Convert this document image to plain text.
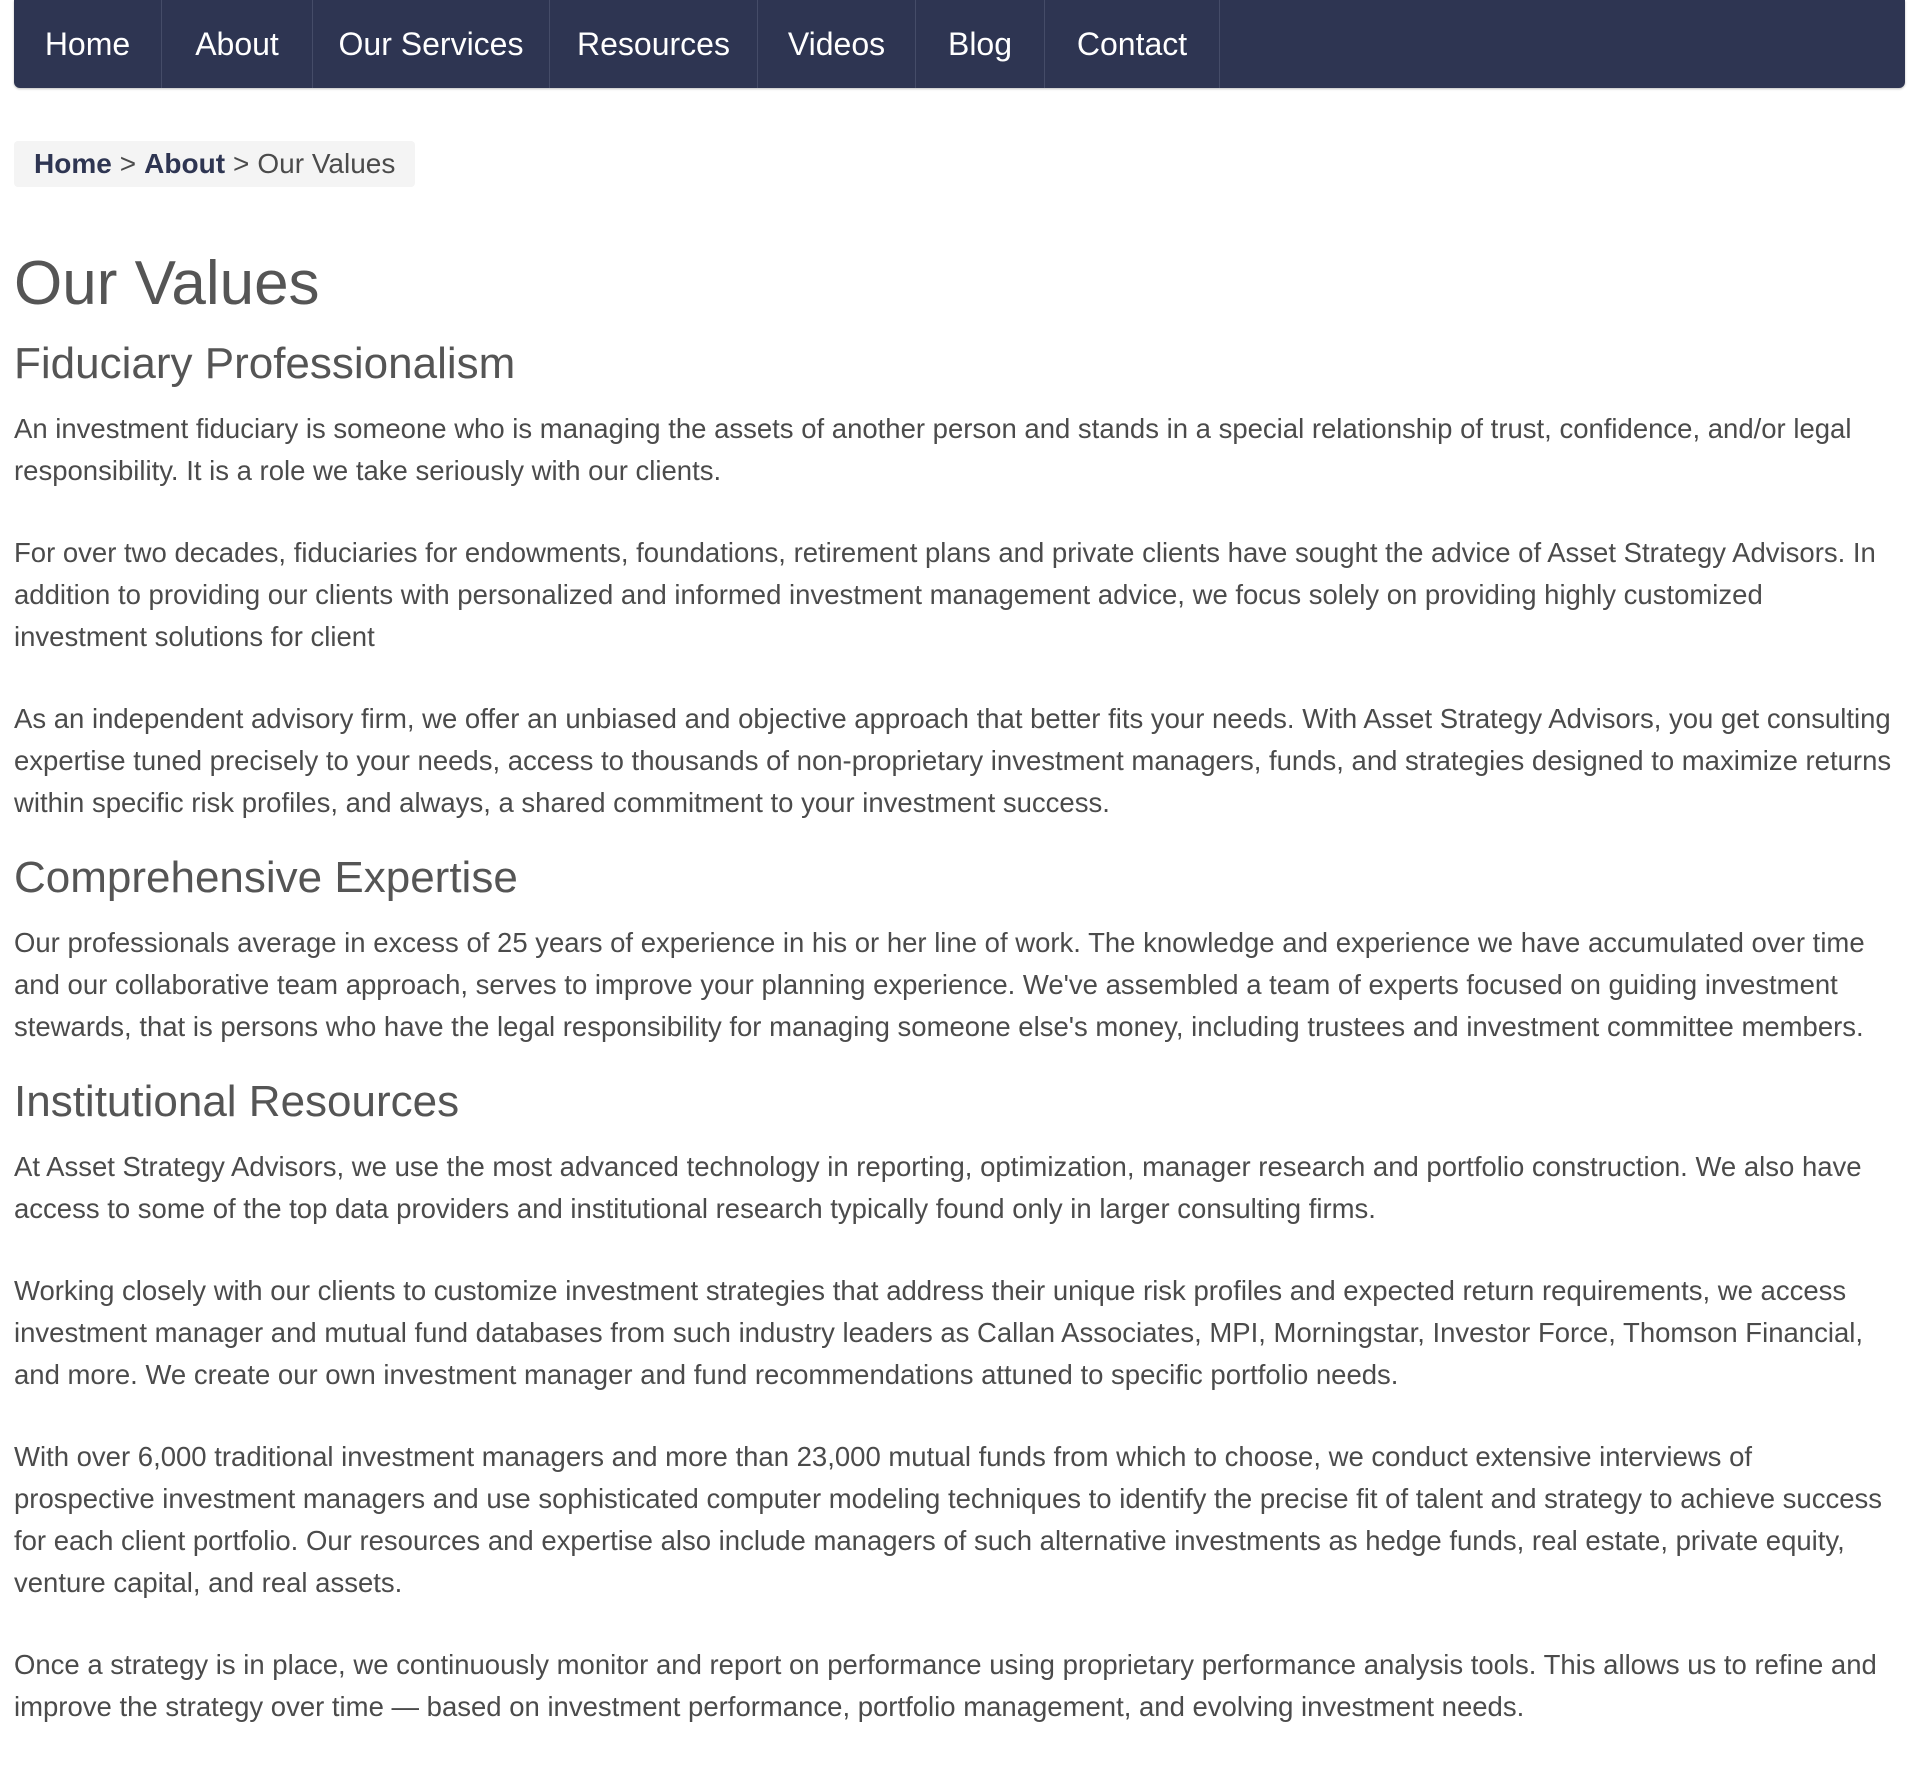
Home	About	Our Services	Resources	Videos	Blog	Contact
Home > About > Our Values
Our Values
Fiduciary Professionalism

An investment fiduciary is someone who is managing the assets of another person and stands in a special relationship of trust, confidence, and/or legal responsibility. It is a role we take seriously with our clients.

For over two decades, fiduciaries for endowments, foundations, retirement plans and private clients have sought the advice of Asset Strategy Advisors. In addition to providing our clients with personalized and informed investment management advice, we focus solely on providing highly customized investment solutions for client

As an independent advisory firm, we offer an unbiased and objective approach that better fits your needs. With Asset Strategy Advisors, you get consulting expertise tuned precisely to your needs, access to thousands of non-proprietary investment managers, funds, and strategies designed to maximize returns within specific risk profiles, and always, a shared commitment to your investment success.

Comprehensive Expertise

Our professionals average in excess of 25 years of experience in his or her line of work. The knowledge and experience we have accumulated over time and our collaborative team approach, serves to improve your planning experience. We've assembled a team of experts focused on guiding investment stewards, that is persons who have the legal responsibility for managing someone else's money, including trustees and investment committee members.

Institutional Resources

At Asset Strategy Advisors, we use the most advanced technology in reporting, optimization, manager research and portfolio construction. We also have access to some of the top data providers and institutional research typically found only in larger consulting firms.

Working closely with our clients to customize investment strategies that address their unique risk profiles and expected return requirements, we access investment manager and mutual fund databases from such industry leaders as Callan Associates, MPI, Morningstar, Investor Force, Thomson Financial, and more. We create our own investment manager and fund recommendations attuned to specific portfolio needs.

With over 6,000 traditional investment managers and more than 23,000 mutual funds from which to choose, we conduct extensive interviews of prospective investment managers and use sophisticated computer modeling techniques to identify the precise fit of talent and strategy to achieve success for each client portfolio. Our resources and expertise also include managers of such alternative investments as hedge funds, real estate, private equity, venture capital, and real assets.

Once a strategy is in place, we continuously monitor and report on performance using proprietary performance analysis tools. This allows us to refine and improve the strategy over time — based on investment performance, portfolio management, and evolving investment needs.
